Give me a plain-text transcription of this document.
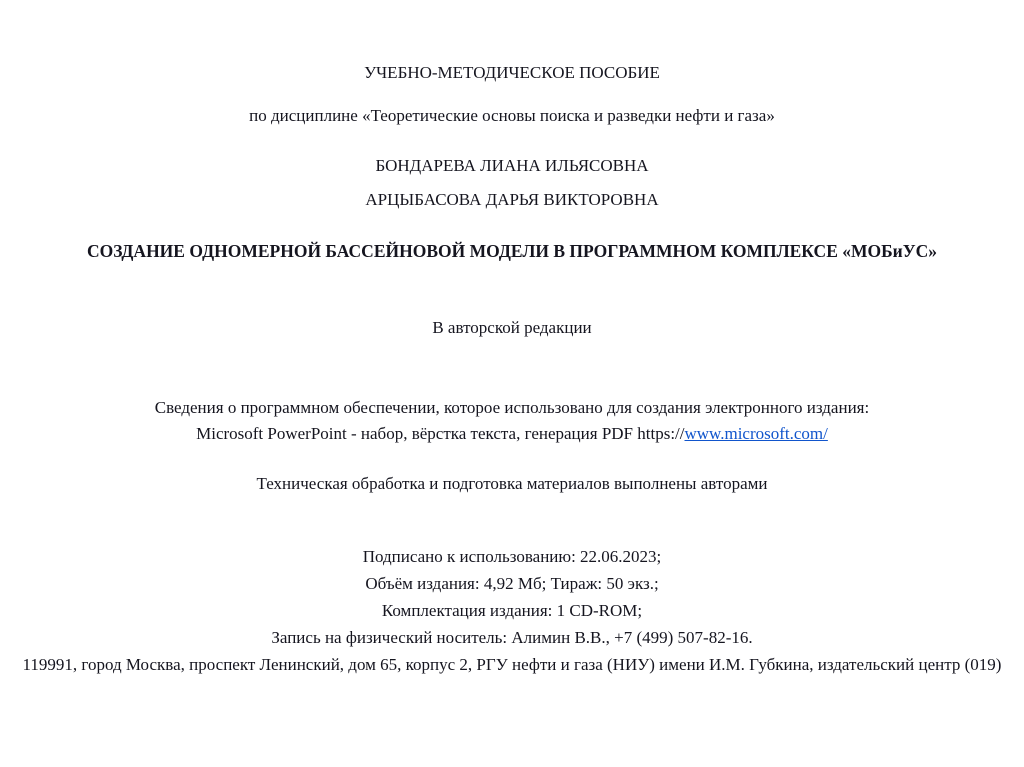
УЧЕБНО-МЕТОДИЧЕСКОЕ ПОСОБИЕ
по дисциплине «Теоретические основы поиска и разведки нефти и газа»
БОНДАРЕВА ЛИАНА ИЛЬЯСОВНА
АРЦЫБАСОВА ДАРЬЯ ВИКТОРОВНА
СОЗДАНИЕ ОДНОМЕРНОЙ БАССЕЙНОВОЙ МОДЕЛИ В ПРОГРАММНОМ КОМПЛЕКСЕ «МОБиУС»
В авторской редакции
Сведения о программном обеспечении, которое использовано для создания электронного издания:
Microsoft PowerPoint - набор, вёрстка текста, генерация PDF https://www.microsoft.com/
Техническая обработка и подготовка материалов выполнены авторами
Подписано к использованию: 22.06.2023;
Объём издания: 4,92 Мб; Тираж: 50 экз.;
Комплектация издания: 1 CD-ROM;
Запись на физический носитель: Алимин В.В., +7 (499) 507-82-16.
119991, город Москва, проспект Ленинский, дом 65, корпус 2, РГУ нефти и газа (НИУ) имени И.М. Губкина, издательский центр (019)
